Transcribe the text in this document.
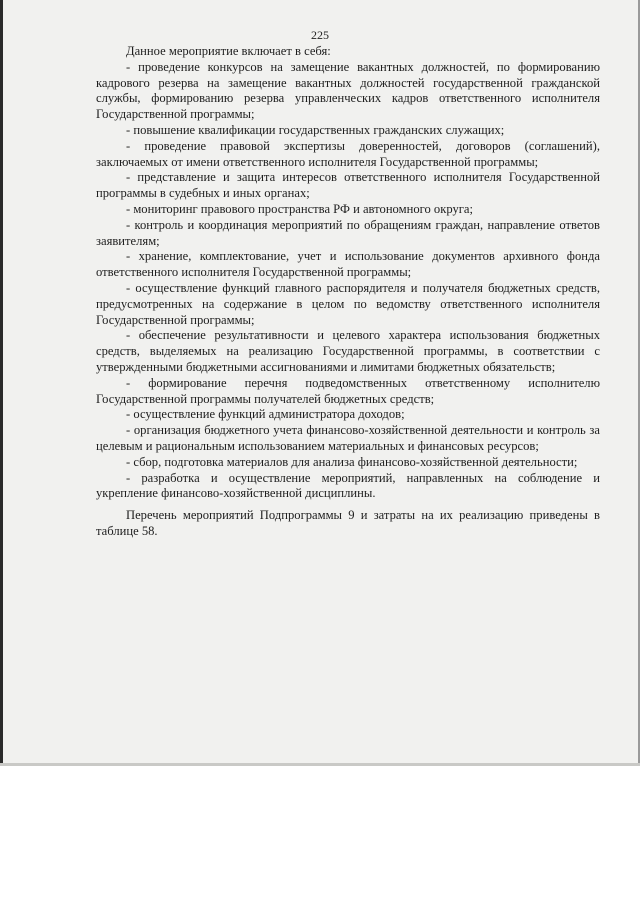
225

Данное мероприятие включает в себя:

- проведение конкурсов на замещение вакантных должностей, по формированию кадрового резерва на замещение вакантных должностей государственной гражданской службы, формированию резерва управленческих кадров ответственного исполнителя Государственной программы;

- повышение квалификации государственных гражданских служащих;

- проведение правовой экспертизы доверенностей, договоров (соглашений), заключаемых от имени ответственного исполнителя Государственной программы;

- представление и защита интересов ответственного исполнителя Государственной программы в судебных и иных органах;

- мониторинг правового пространства РФ и автономного округа;

- контроль и координация мероприятий по обращениям граждан, направление ответов заявителям;

- хранение, комплектование, учет и использование документов архивного фонда ответственного исполнителя Государственной программы;

- осуществление функций главного распорядителя и получателя бюджетных средств, предусмотренных на содержание в целом по ведомству ответственного исполнителя Государственной программы;

- обеспечение результативности и целевого характера использования бюджетных средств, выделяемых на реализацию Государственной программы, в соответствии с утвержденными бюджетными ассигнованиями и лимитами бюджетных обязательств;

- формирование перечня подведомственных ответственному исполнителю Государственной программы получателей бюджетных средств;

- осуществление функций администратора доходов;

- организация бюджетного учета финансово-хозяйственной деятельности и контроль за целевым и рациональным использованием материальных и финансовых ресурсов;

- сбор, подготовка материалов для анализа финансово-хозяйственной деятельности;

- разработка и осуществление мероприятий, направленных на соблюдение и укрепление финансово-хозяйственной дисциплины.

Перечень мероприятий Подпрограммы 9 и затраты на их реализацию приведены в таблице 58.
